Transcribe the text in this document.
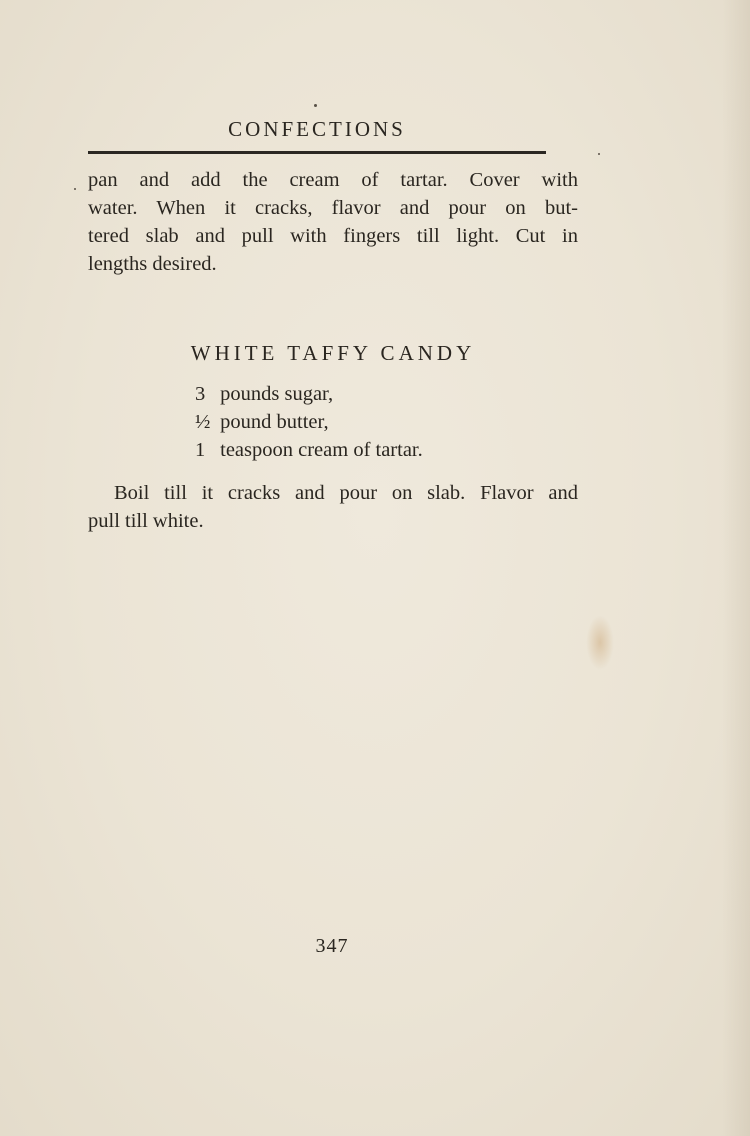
CONFECTIONS
pan and add the cream of tartar. Cover with
water. When it cracks, flavor and pour on but-
tered slab and pull with fingers till light. Cut in
lengths desired.
WHITE TAFFY CANDY
3 pounds sugar,
½ pound butter,
1 teaspoon cream of tartar.
Boil till it cracks and pour on slab. Flavor and
pull till white.
347
